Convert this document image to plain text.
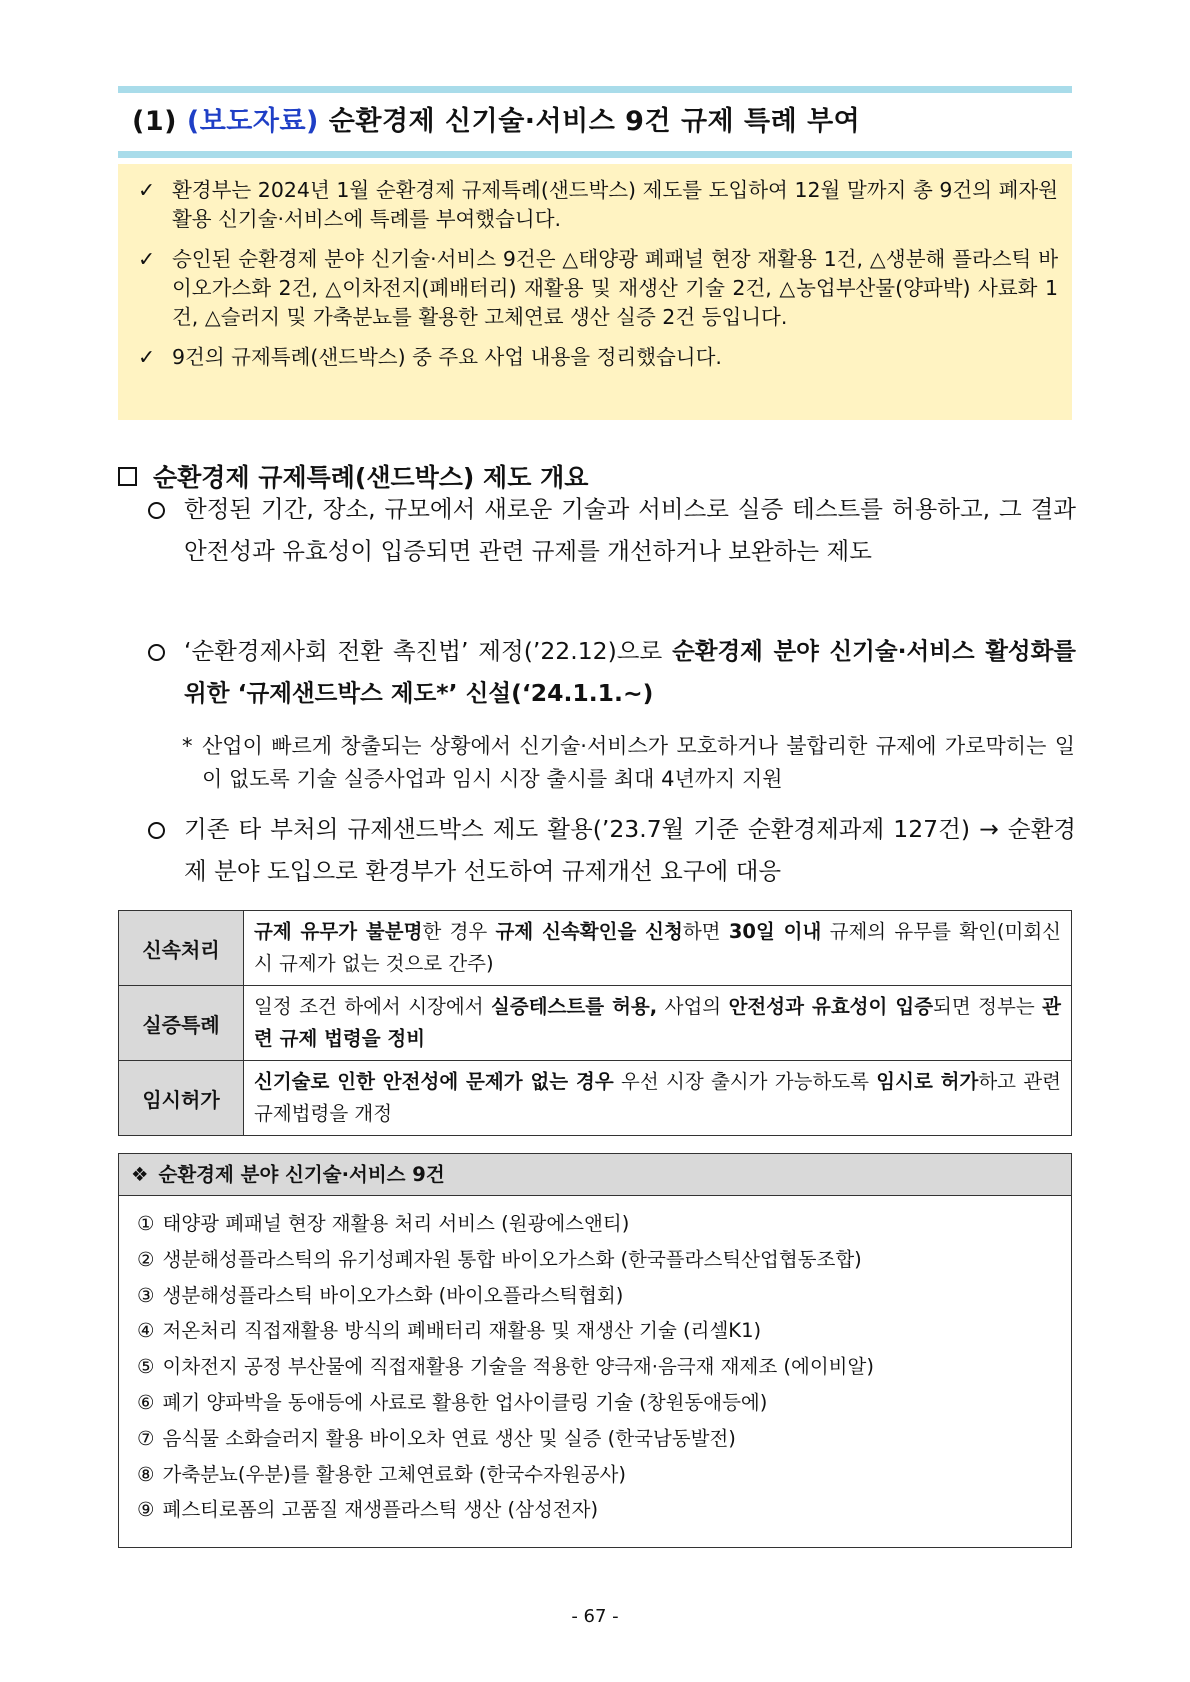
(1) (보도자료) 순환경제 신기술·서비스 9건 규제 특례 부여
✓ 환경부는 2024년 1월 순환경제 규제특례(샌드박스) 제도를 도입하여 12월 말까지 총 9건의 폐자원 활용 신기술·서비스에 특례를 부여했습니다.
✓ 승인된 순환경제 분야 신기술·서비스 9건은 △태양광 폐패널 현장 재활용 1건, △생분해 플라스틱 바이오가스화 2건, △이차전지(폐배터리) 재활용 및 재생산 기술 2건, △농업부산물(양파박) 사료화 1건, △슬러지 및 가축분뇨를 활용한 고체연료 생산 실증 2건 등입니다.
✓ 9건의 규제특례(샌드박스) 중 주요 사업 내용을 정리했습니다.
순환경제 규제특례(샌드박스) 제도 개요
한정된 기간, 장소, 규모에서 새로운 기술과 서비스로 실증 테스트를 허용하고, 그 결과 안전성과 유효성이 입증되면 관련 규제를 개선하거나 보완하는 제도
‘순환경제사회 전환 촉진법’ 제정(’22.12)으로 순환경제 분야 신기술·서비스 활성화를 위한 ‘규제샌드박스 제도*’ 신설(‘24.1.1.~)
* 산업이 빠르게 창출되는 상황에서 신기술·서비스가 모호하거나 불합리한 규제에 가로막히는 일이 없도록 기술 실증사업과 임시 시장 출시를 최대 4년까지 지원
기존 타 부처의 규제샌드박스 제도 활용(’23.7월 기준 순환경제과제 127건) → 순환경제 분야 도입으로 환경부가 선도하여 규제개선 요구에 대응
신속처리	규제 유무가 불분명한 경우 규제 신속확인을 신청하면 30일 이내 규제의 유무를 확인(미회신 시 규제가 없는 것으로 간주)
실증특례	일정 조건 하에서 시장에서 실증테스트를 허용, 사업의 안전성과 유효성이 입증되면 정부는 관련 규제 법령을 정비
임시허가	신기술로 인한 안전성에 문제가 없는 경우 우선 시장 출시가 가능하도록 임시로 허가하고 관련 규제법령을 개정
❖ 순환경제 분야 신기술·서비스 9건
① 태양광 폐패널 현장 재활용 처리 서비스 (원광에스앤티)
② 생분해성플라스틱의 유기성폐자원 통합 바이오가스화 (한국플라스틱산업협동조합)
③ 생분해성플라스틱 바이오가스화 (바이오플라스틱협회)
④ 저온처리 직접재활용 방식의 폐배터리 재활용 및 재생산 기술 (리셀K1)
⑤ 이차전지 공정 부산물에 직접재활용 기술을 적용한 양극재·음극재 재제조 (에이비알)
⑥ 폐기 양파박을 동애등에 사료로 활용한 업사이클링 기술 (창원동애등에)
⑦ 음식물 소화슬러지 활용 바이오차 연료 생산 및 실증 (한국남동발전)
⑧ 가축분뇨(우분)를 활용한 고체연료화 (한국수자원공사)
⑨ 폐스티로폼의 고품질 재생플라스틱 생산 (삼성전자)
- 67 -
